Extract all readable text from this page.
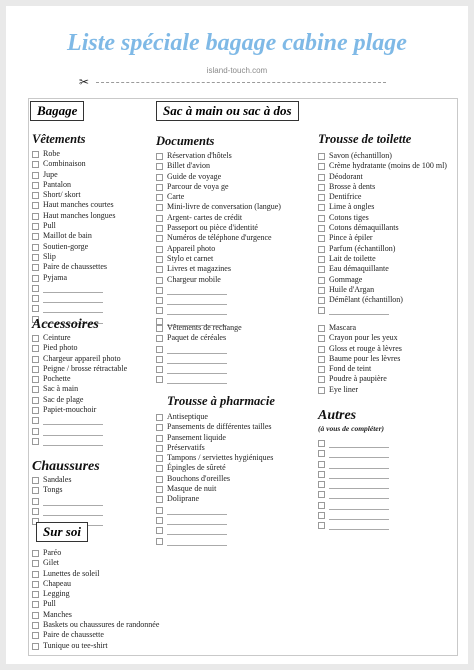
Liste spéciale bagage cabine plage
island-touch.com
✂
Bagage	Sac à main ou sac à dos
Vêtements
Robe
Combinaison
Jupe
Pantalon
Short/ skort
Haut manches courtes
Haut manches longues
Pull
Maillot de bain
Soutien-gorge
Slip
Paire de chaussettes
Pyjama
Accessoires
Ceinture
Pied photo
Chargeur appareil photo
Peigne / brosse rétractable
Pochette
Sac à main
Sac de plage
Papiet-mouchoir
Chaussures
Sandales
Tongs
Sur soi
Paréo
Gilet
Lunettes de soleil
Chapeau
Legging
Pull
Manches
Baskets ou chaussures de randonnée
Paire de chaussette
Tunique ou tee-shirt
Documents
Réservation d'hôtels
Billet d'avion
Guide de voyage
Parcour de voya ge
Carte
Mini-livre de conversation (langue)
Argent- cartes de crédit
Passeport ou pièce d'identité
Numéros de téléphone d'urgence
Appareil photo
Stylo et carnet
Livres et magazines
Chargeur mobile
Vêtements de rechange
Paquet de céréales
Trousse à pharmacie
Antiseptique
Pansements de différentes tailles
Pansement liquide
Préservatifs
Tampons / serviettes hygiéniques
Épingles de sûreté
Bouchons d'oreilles
Masque de nuit
Doliprane
Trousse de toilette
Savon (échantillon)
Crème hydratante (moins de 100 ml)
Déodorant
Brosse à dents
Dentifrice
Lime à ongles
Cotons tiges
Cotons démaquillants
Pince à épiler
Parfum (échantillon)
Lait de toilette
Eau démaquillante
Gommage
Huile d'Argan
Démêlant (échantillon)
Mascara
Crayon pour les yeux
Gloss et rouge à lèvres
Baume pour les lèvres
Fond de teint
Poudre à paupière
Eye liner
Autres
(à vous de compléter)
